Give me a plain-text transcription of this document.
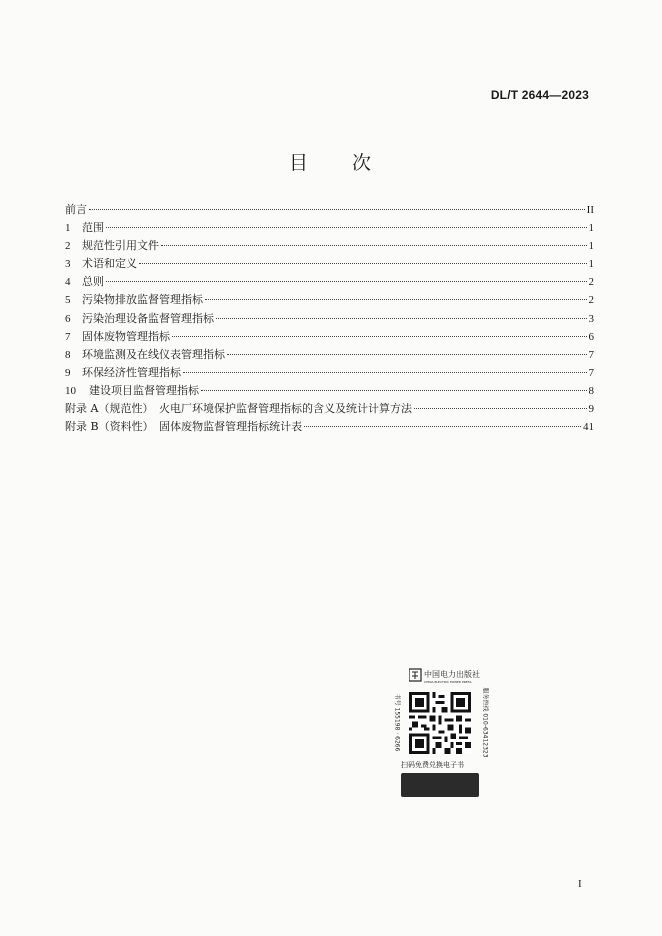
DL/T 2644—2023
目　　次
前言	II
1	范围	1
2	规范性引用文件	1
3	术语和定义	1
4	总则	2
5	污染物排放监督管理指标	2
6	污染治理设备监督管理指标	3
7	固体废物管理指标	6
8	环境监测及在线仪表管理指标	7
9	环保经济性管理指标	7
10	建设项目监督管理指标	8
附录 A（规范性）　火电厂环境保护监督管理指标的含义及统计计算方法	9
附录 B（资料性）　固体废物监督管理指标统计表	41
中国电力出版社
CHINA ELECTRIC POWER PRESS
书号 155198 · 6266	服务热线 010-63412323
扫码免费兑换电子书
I
